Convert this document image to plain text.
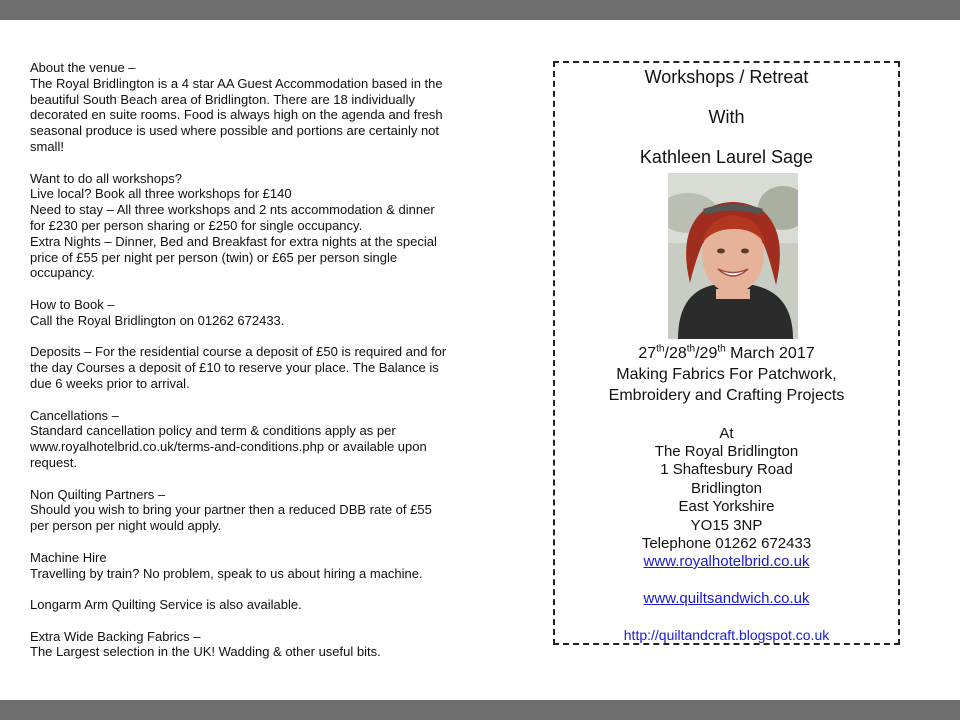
About the venue –
The Royal Bridlington is a 4 star AA Guest Accommodation based in the
beautiful South Beach area of Bridlington. There are 18 individually
decorated en suite rooms. Food is always high on the agenda and fresh
seasonal produce is used where possible and portions are certainly not
small!
Want to do all workshops?
Live local? Book all three workshops for £140
Need to stay – All three workshops and 2 nts accommodation & dinner
for £230 per person sharing or £250 for single occupancy.
Extra Nights – Dinner, Bed and Breakfast for extra nights at the special
price of £55 per night per person (twin) or £65 per person single
occupancy.
How to Book –
Call the Royal Bridlington on 01262 672433.
Deposits – For the residential course a deposit of £50 is required and for
the day Courses a deposit of £10 to reserve your place. The Balance is
due 6 weeks prior to arrival.
Cancellations –
Standard cancellation policy and term & conditions apply as per
www.royalhotelbrid.co.uk/terms-and-conditions.php or available upon
request.
Non Quilting Partners –
Should you wish to bring your partner then a reduced DBB rate of £55
per person per night would apply.
Machine Hire
Travelling by train? No problem, speak to us about hiring a machine.
Longarm Arm Quilting Service is also available.
Extra Wide Backing Fabrics –
The Largest selection in the UK! Wadding & other useful bits.
Workshops / Retreat
With
Kathleen Laurel Sage
27th/28th/29th March 2017
Making Fabrics For Patchwork,
Embroidery and Crafting Projects
At
The Royal Bridlington
1 Shaftesbury Road
Bridlington
East Yorkshire
YO15 3NP
Telephone 01262 672433
www.royalhotelbrid.co.uk
www.quiltsandwich.co.uk
http://quiltandcraft.blogspot.co.uk
